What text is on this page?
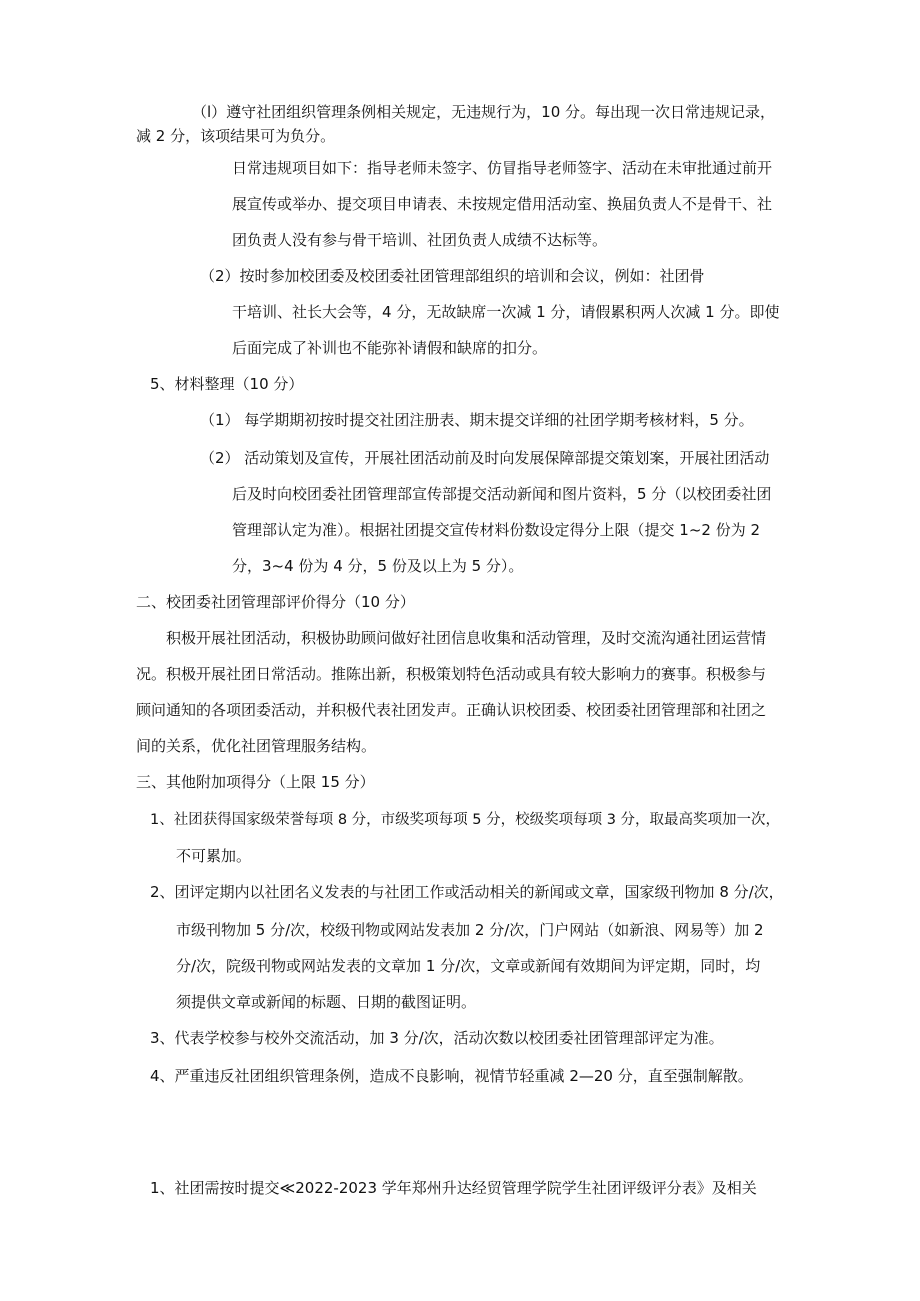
（l）遵守社团组织管理条例相关规定，无违规行为，10 分。每出现一次日常违规记录，
减 2 分，该项结果可为负分。
日常违规项目如下：指导老师未签字、仿冒指导老师签字、活动在未审批通过前开
展宣传或举办、提交项目申请表、未按规定借用活动室、换届负责人不是骨干、社
团负责人没有参与骨干培训、社团负责人成绩不达标等。
（2）按时参加校团委及校团委社团管理部组织的培训和会议，例如：社团骨
干培训、社长大会等，4 分，无故缺席一次减 1 分，请假累积两人次减 1 分。即使
后面完成了补训也不能弥补请假和缺席的扣分。
5、材料整理（10 分）
（1） 每学期期初按时提交社团注册表、期末提交详细的社团学期考核材料，5 分。
（2） 活动策划及宣传，开展社团活动前及时向发展保障部提交策划案，开展社团活动
后及时向校团委社团管理部宣传部提交活动新闻和图片资料，5 分（以校团委社团
管理部认定为准）。根据社团提交宣传材料份数设定得分上限（提交 1~2 份为 2
分，3~4 份为 4 分，5 份及以上为 5 分）。
二、校团委社团管理部评价得分（10 分）
积极开展社团活动，积极协助顾问做好社团信息收集和活动管理，及时交流沟通社团运营情
况。积极开展社团日常活动。推陈出新，积极策划特色活动或具有较大影响力的赛事。积极参与
顾问通知的各项团委活动，并积极代表社团发声。正确认识校团委、校团委社团管理部和社团之
间的关系，优化社团管理服务结构。
三、其他附加项得分（上限 15 分）
1、社团获得国家级荣誉每项 8 分，市级奖项每项 5 分，校级奖项每项 3 分，取最高奖项加一次，
不可累加。
2、团评定期内以社团名义发表的与社团工作或活动相关的新闻或文章，国家级刊物加 8 分/次，
市级刊物加 5 分/次，校级刊物或网站发表加 2 分/次，门户网站（如新浪、网易等）加 2
分/次，院级刊物或网站发表的文章加 1 分/次，文章或新闻有效期间为评定期，同时，均
须提供文章或新闻的标题、日期的截图证明。
3、代表学校参与校外交流活动，加 3 分/次，活动次数以校团委社团管理部评定为准。
4、严重违反社团组织管理条例，造成不良影响，视情节轻重减 2—20 分，直至强制解散。
1、社团需按时提交≪2022-2023 学年郑州升达经贸管理学院学生社团评级评分表》及相关
